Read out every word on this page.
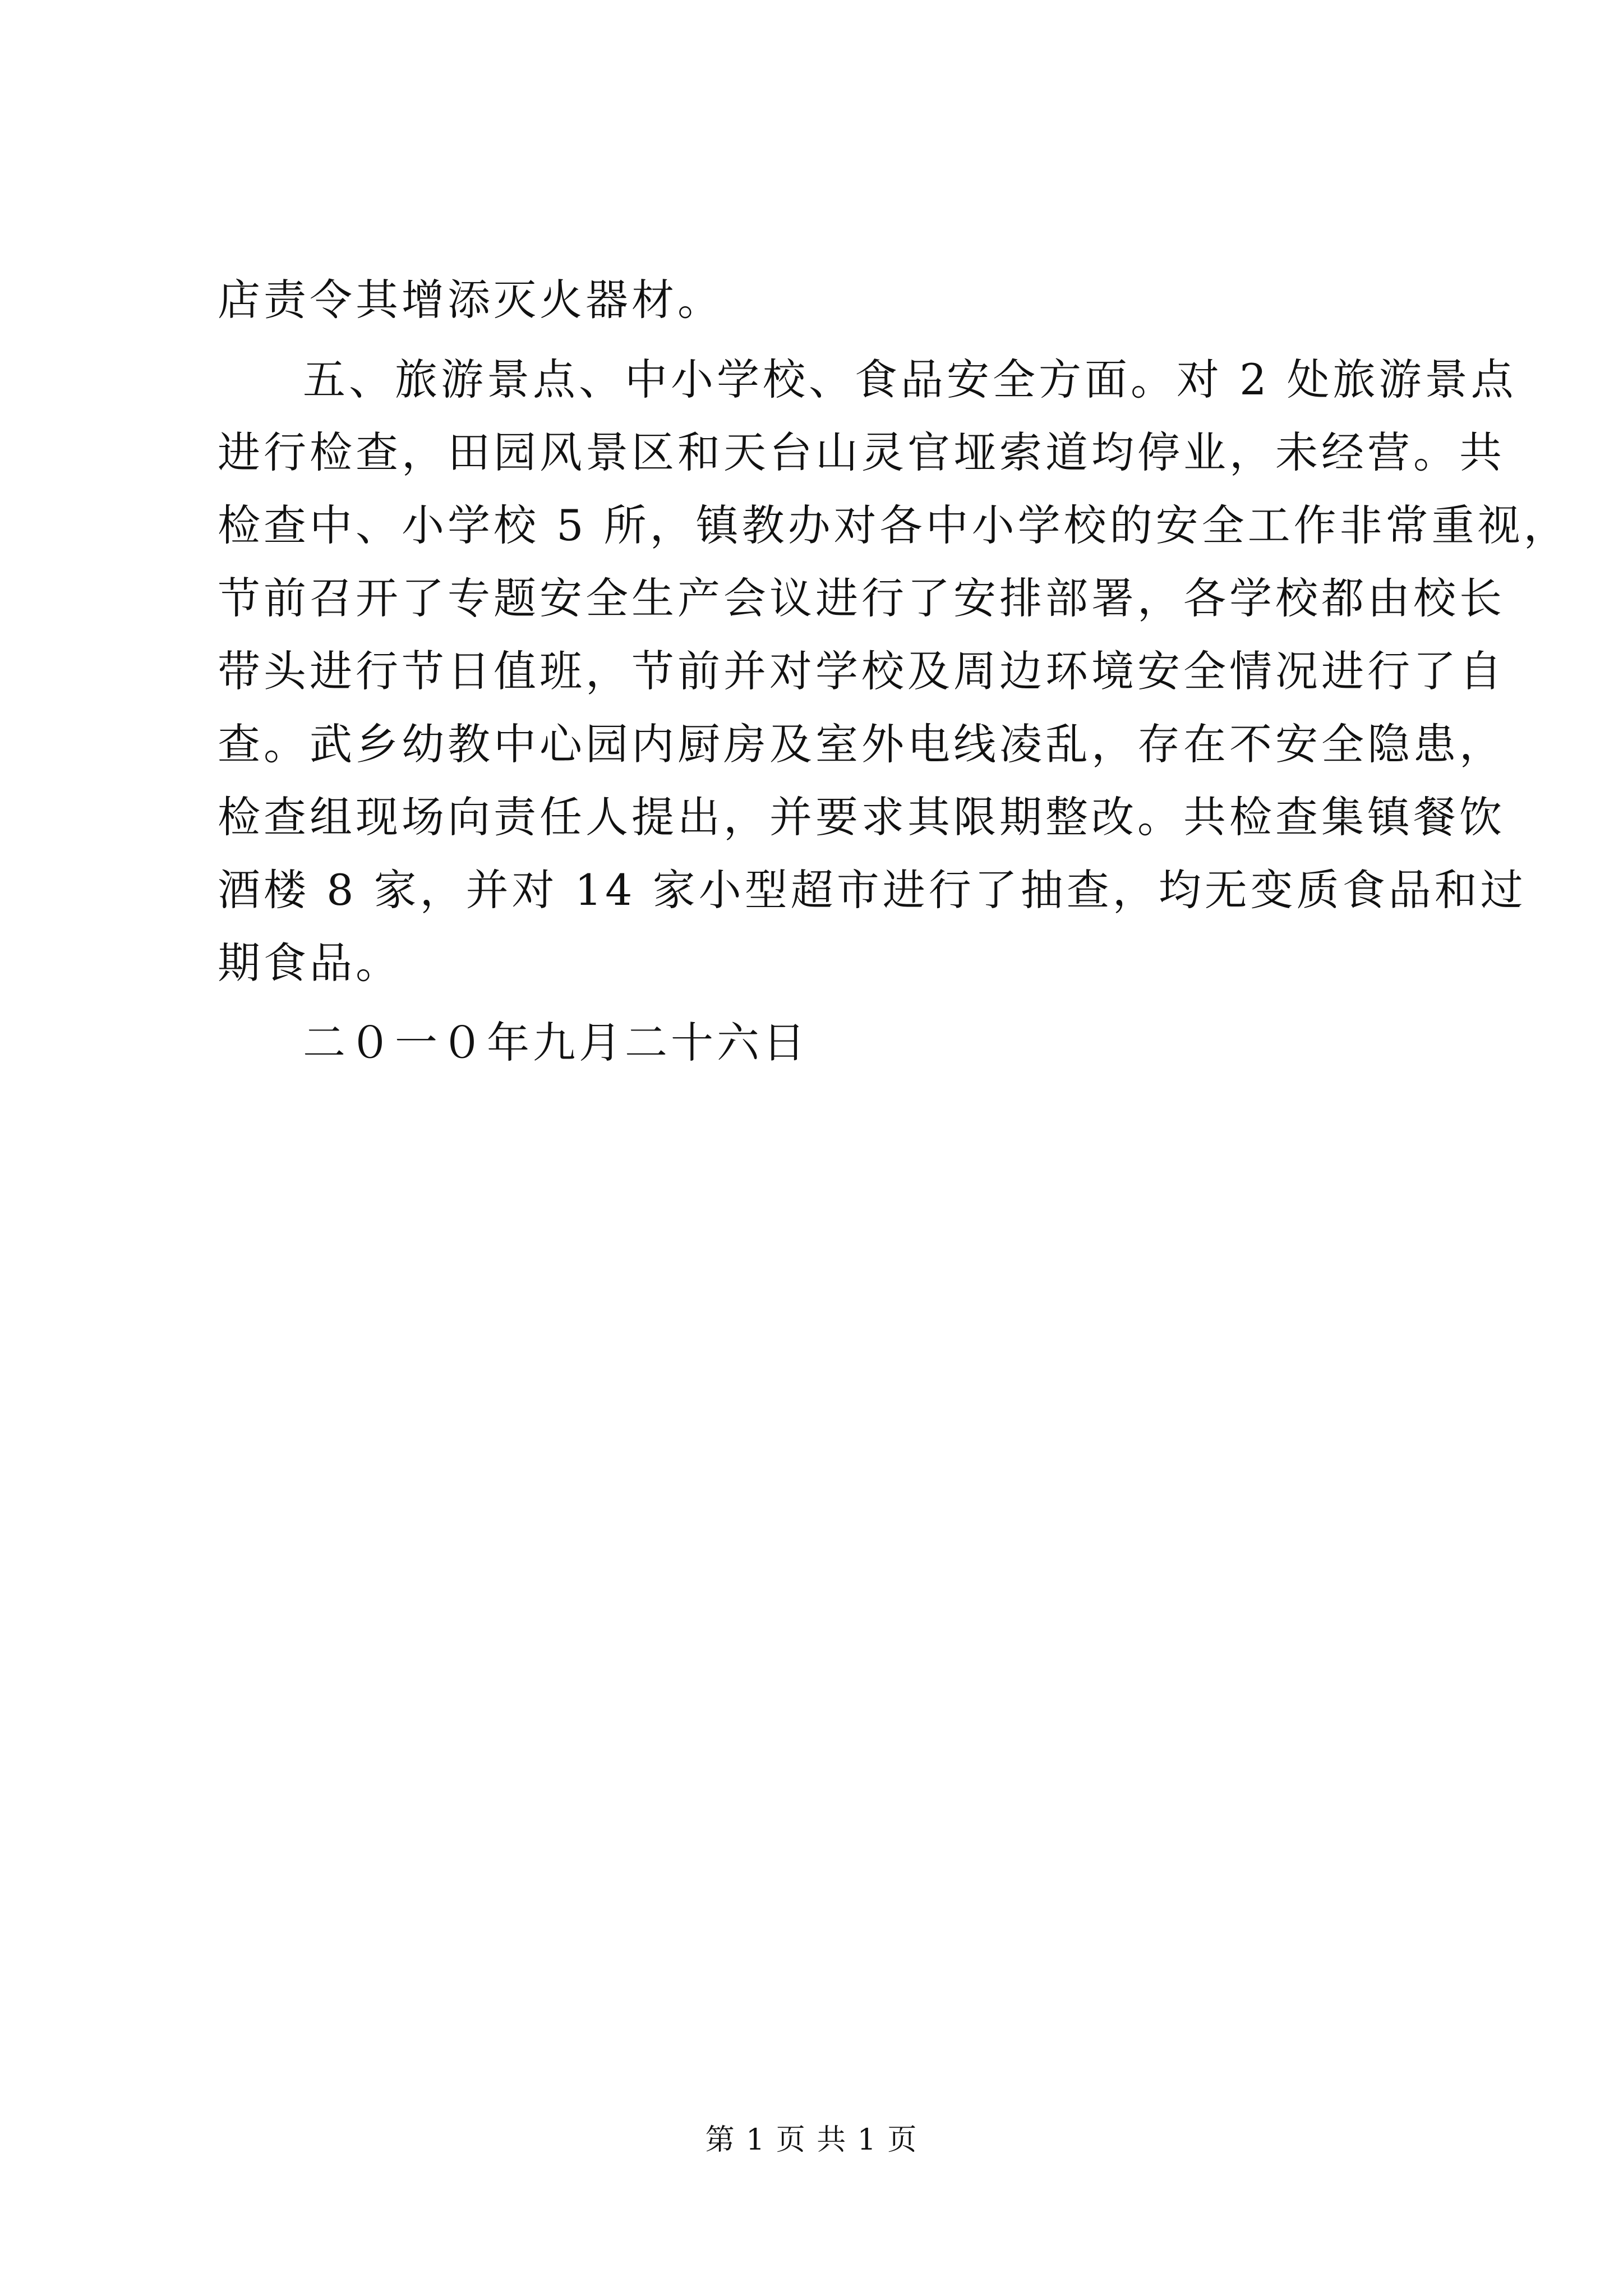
店责令其增添灭火器材。
五、旅游景点、中小学校、食品安全方面。对 2 处旅游景点
进行检查，田园风景区和天台山灵官垭索道均停业，未经营。共
检查中、小学校 5 所，镇教办对各中小学校的安全工作非常重视，
节前召开了专题安全生产会议进行了安排部署，各学校都由校长
带头进行节日值班，节前并对学校及周边环境安全情况进行了自
查。武乡幼教中心园内厨房及室外电线凌乱，存在不安全隐患，
检查组现场向责任人提出，并要求其限期整改。共检查集镇餐饮
酒楼 8 家，并对 14 家小型超市进行了抽查，均无变质食品和过
期食品。
二０一０年九月二十六日
第 1 页 共 1 页
